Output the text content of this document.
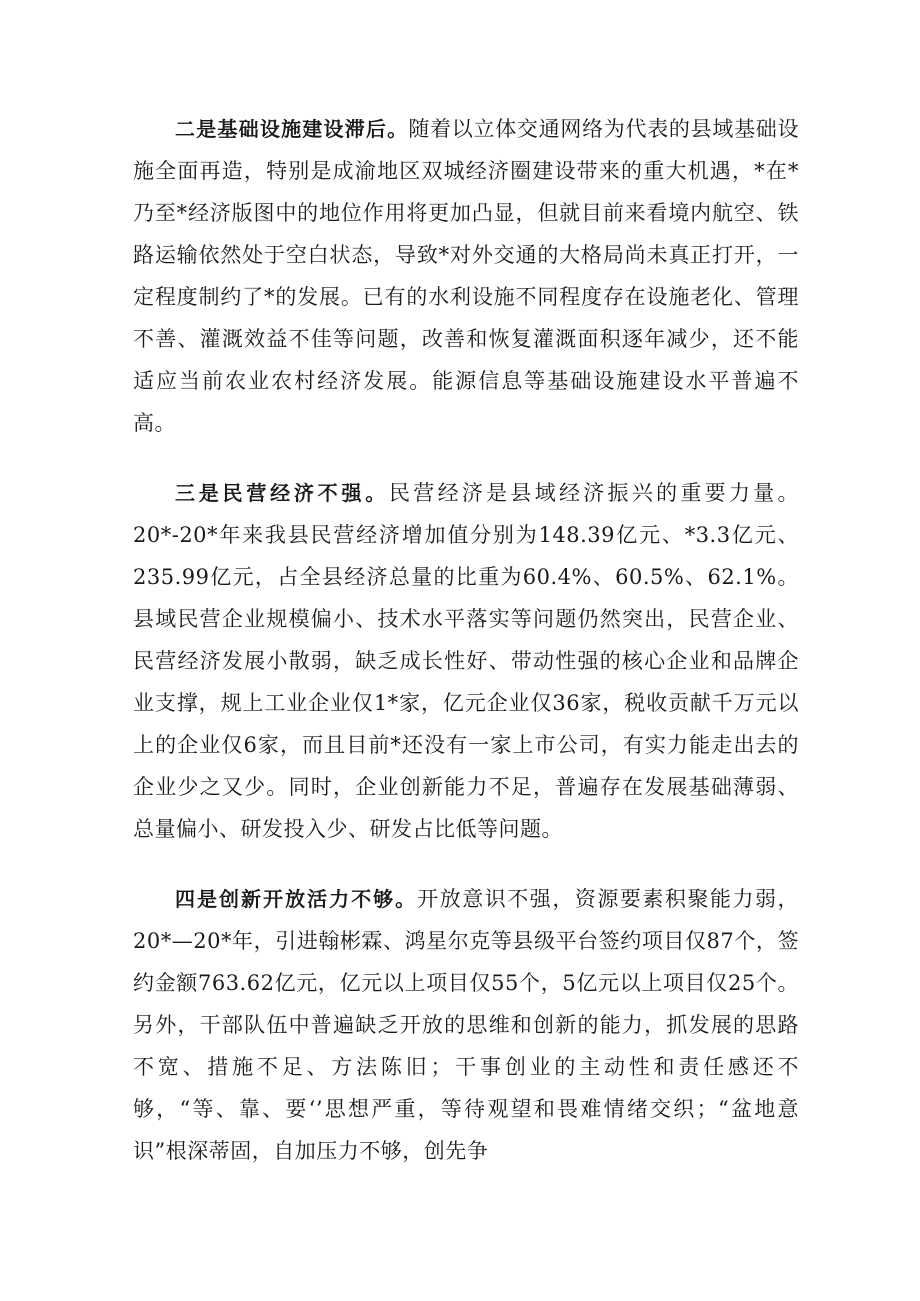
二是基础设施建设滞后。随着以立体交通网络为代表的县域基础设施全面再造，特别是成渝地区双城经济圈建设带来的重大机遇，*在*乃至*经济版图中的地位作用将更加凸显，但就目前来看境内航空、铁路运输依然处于空白状态，导致*对外交通的大格局尚未真正打开，一定程度制约了*的发展。已有的水利设施不同程度存在设施老化、管理不善、灌溉效益不佳等问题，改善和恢复灌溉面积逐年减少，还不能适应当前农业农村经济发展。能源信息等基础设施建设水平普遍不高。

三是民营经济不强。民营经济是县域经济振兴的重要力量。20*-20*年来我县民营经济增加值分别为148.39亿元、*3.3亿元、235.99亿元，占全县经济总量的比重为60.4%、60.5%、62.1%。县域民营企业规模偏小、技术水平落实等问题仍然突出，民营企业、民营经济发展小散弱，缺乏成长性好、带动性强的核心企业和品牌企业支撑，规上工业企业仅1*家，亿元企业仅36家，税收贡献千万元以上的企业仅6家，而且目前*还没有一家上市公司，有实力能走出去的企业少之又少。同时，企业创新能力不足，普遍存在发展基础薄弱、总量偏小、研发投入少、研发占比低等问题。

四是创新开放活力不够。开放意识不强，资源要素积聚能力弱，20*—20*年，引进翰彬霖、鸿星尔克等县级平台签约项目仅87个，签约金额763.62亿元，亿元以上项目仅55个，5亿元以上项目仅25个。另外，干部队伍中普遍缺乏开放的思维和创新的能力，抓发展的思路不宽、措施不足、方法陈旧；干事创业的主动性和责任感还不够，“等、靠、要‘’思想严重，等待观望和畏难情绪交织；“盆地意识”根深蒂固，自加压力不够，创先争
